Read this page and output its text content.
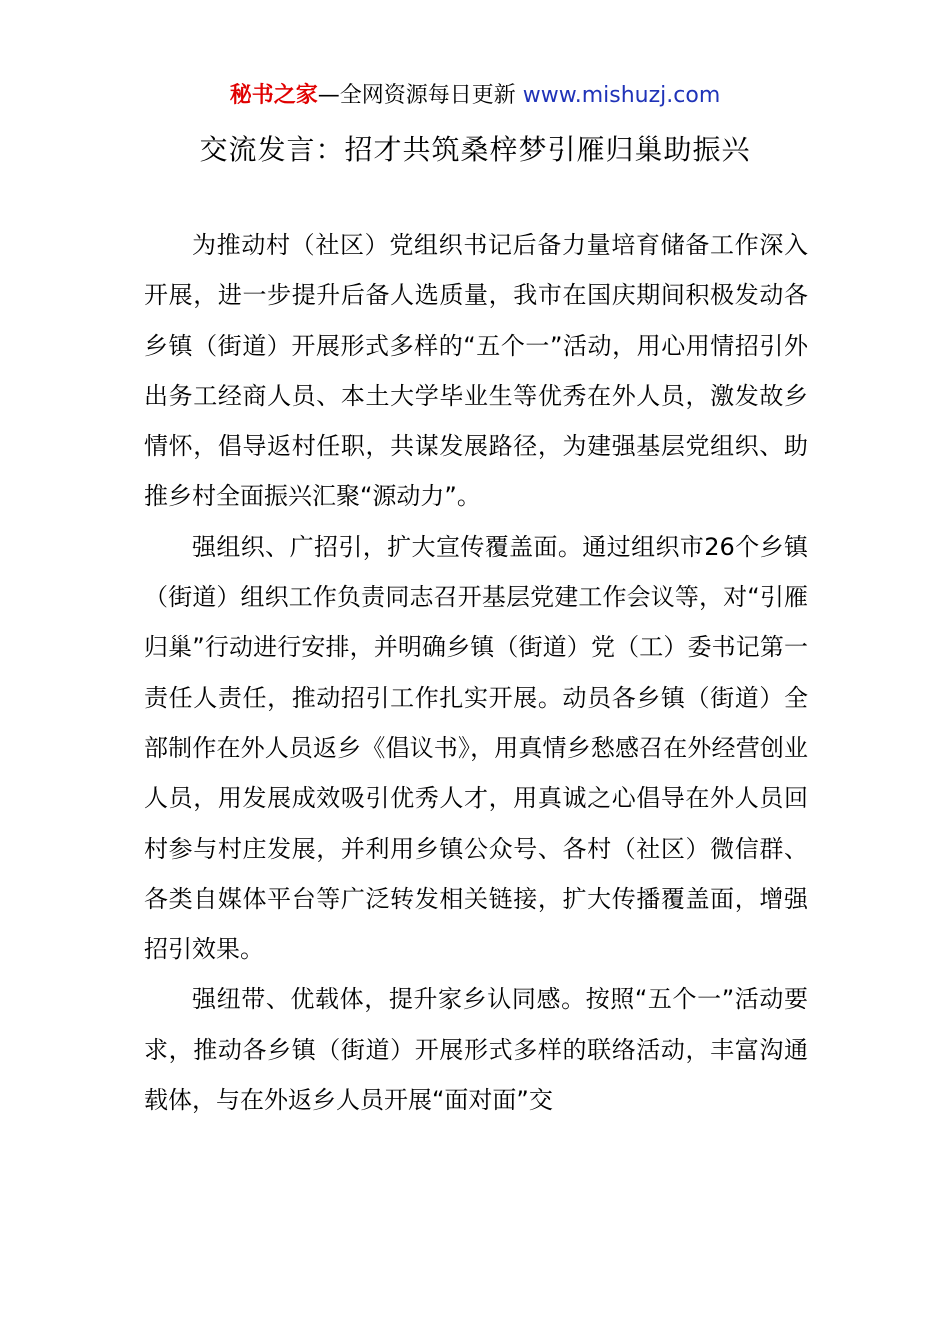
秘书之家—全网资源每日更新 www.mishuzj.com
交流发言：招才共筑桑梓梦引雁归巢助振兴

为推动村（社区）党组织书记后备力量培育储备工作深入开展，进一步提升后备人选质量，我市在国庆期间积极发动各乡镇（街道）开展形式多样的“五个一”活动，用心用情招引外出务工经商人员、本土大学毕业生等优秀在外人员，激发故乡情怀，倡导返村任职，共谋发展路径，为建强基层党组织、助推乡村全面振兴汇聚“源动力”。

强组织、广招引，扩大宣传覆盖面。通过组织市26个乡镇（街道）组织工作负责同志召开基层党建工作会议等，对“引雁归巢”行动进行安排，并明确乡镇（街道）党（工）委书记第一责任人责任，推动招引工作扎实开展。动员各乡镇（街道）全部制作在外人员返乡《倡议书》，用真情乡愁感召在外经营创业人员，用发展成效吸引优秀人才，用真诚之心倡导在外人员回村参与村庄发展，并利用乡镇公众号、各村（社区）微信群、各类自媒体平台等广泛转发相关链接，扩大传播覆盖面，增强招引效果。

强纽带、优载体，提升家乡认同感。按照“五个一”活动要求，推动各乡镇（街道）开展形式多样的联络活动，丰富沟通载体，与在外返乡人员开展“面对面”交
